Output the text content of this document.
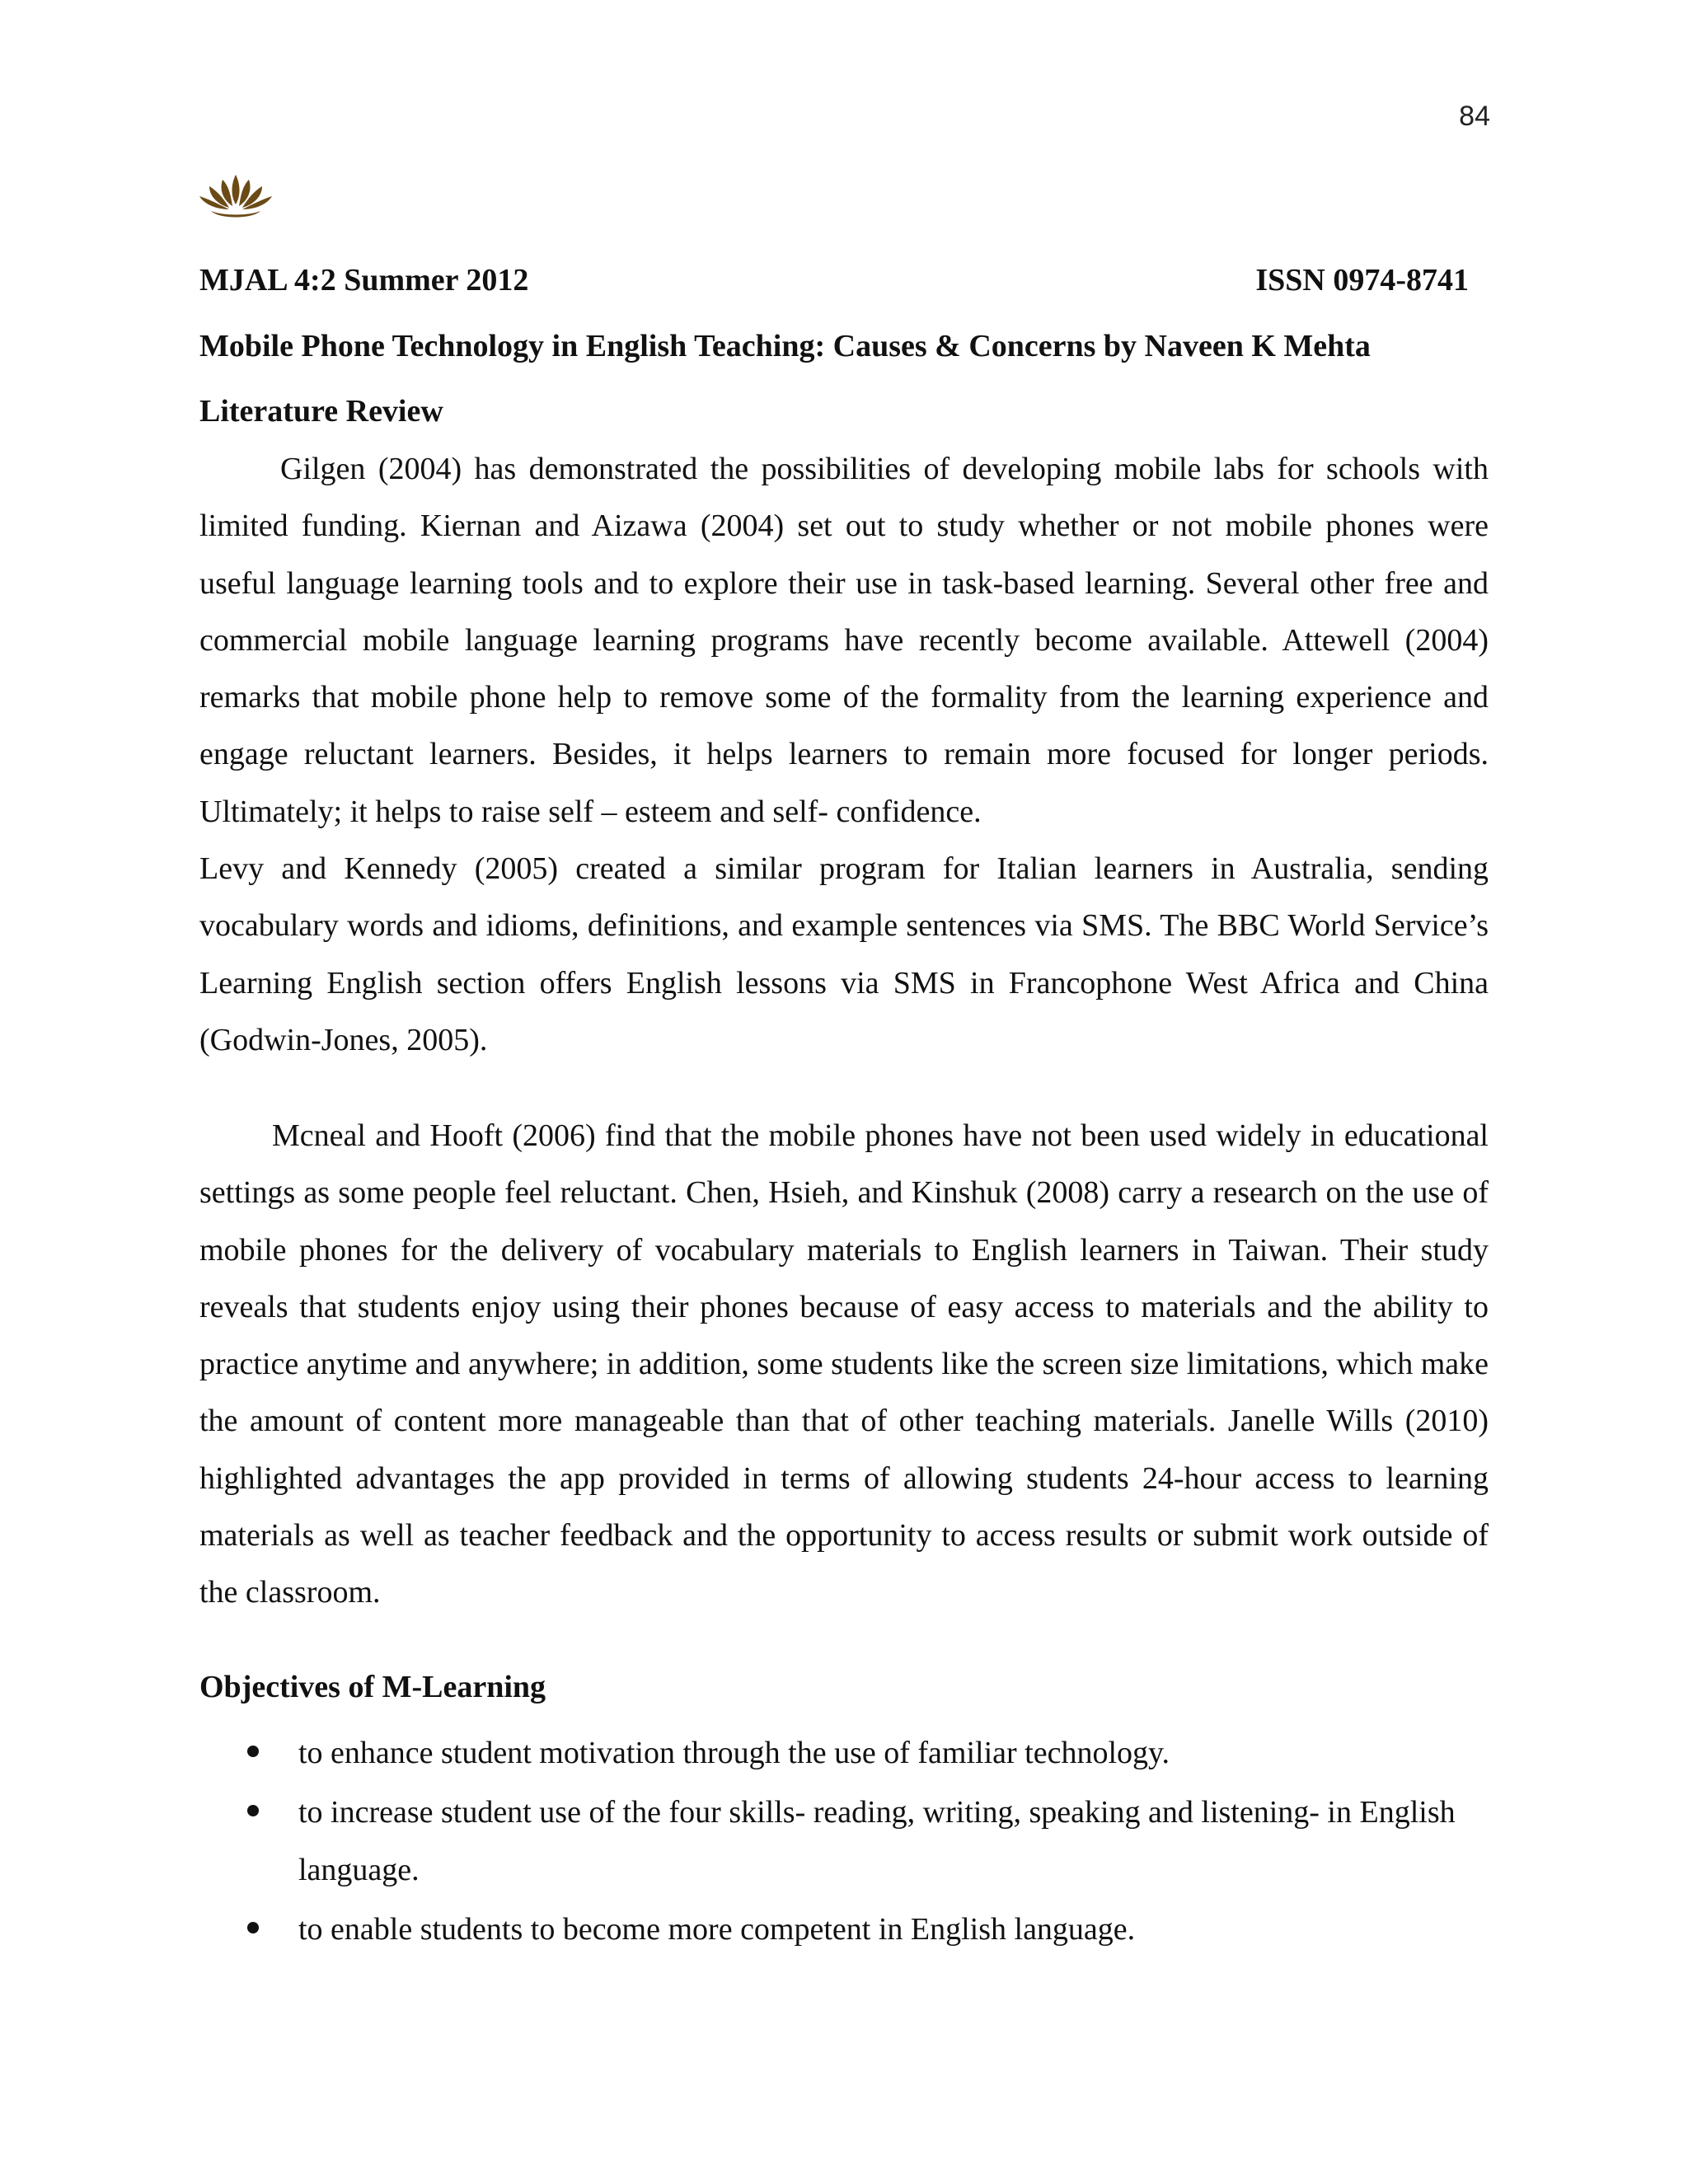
84
MJAL 4:2 Summer 2012	ISSN 0974-8741
Mobile Phone Technology in English Teaching: Causes & Concerns by Naveen K Mehta
Literature Review

Gilgen (2004) has demonstrated the possibilities of developing mobile labs for schools with limited funding. Kiernan and Aizawa (2004) set out to study whether or not mobile phones were useful language learning tools and to explore their use in task-based learning. Several other free and commercial mobile language learning programs have recently become available. Attewell (2004) remarks that mobile phone help to remove some of the formality from the learning experience and engage reluctant learners. Besides, it helps learners to remain more focused for longer periods. Ultimately; it helps to raise self – esteem and self- confidence.

Levy and Kennedy (2005) created a similar program for Italian learners in Australia, sending vocabulary words and idioms, definitions, and example sentences via SMS. The BBC World Service’s Learning English section offers English lessons via SMS in Francophone West Africa and China (Godwin-Jones, 2005).

Mcneal and Hooft (2006) find that the mobile phones have not been used widely in educational settings as some people feel reluctant. Chen, Hsieh, and Kinshuk (2008) carry a research on the use of mobile phones for the delivery of vocabulary materials to English learners in Taiwan. Their study reveals that students enjoy using their phones because of easy access to materials and the ability to practice anytime and anywhere; in addition, some students like the screen size limitations, which make the amount of content more manageable than that of other teaching materials. Janelle Wills (2010) highlighted advantages the app provided in terms of allowing students 24-hour access to learning materials as well as teacher feedback and the opportunity to access results or submit work outside of the classroom.

Objectives of M-Learning
to enhance student motivation through the use of familiar technology.
to increase student use of the four skills- reading, writing, speaking and listening- in English language.
to enable students to become more competent in English language.
